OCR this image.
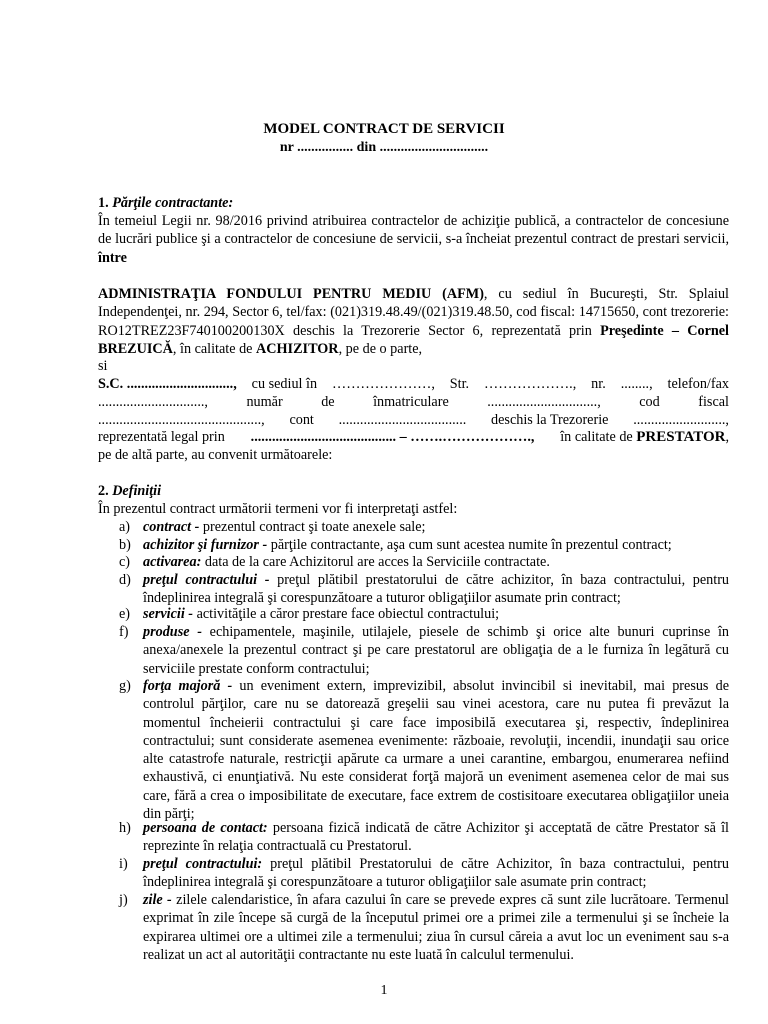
MODEL CONTRACT DE SERVICII
nr ................ din ...............................
1. Părţile contractante:
În temeiul Legii nr. 98/2016 privind atribuirea contractelor de achiziţie publică, a contractelor de concesiune de lucrări publice şi a contractelor de concesiune de servicii, s-a încheiat prezentul contract de prestari servicii, între
ADMINISTRAŢIA FONDULUI PENTRU MEDIU (AFM), cu sediul în Bucureşti, Str. Splaiul Independenţei, nr. 294, Sector 6, tel/fax: (021)319.48.49/(021)319.48.50, cod fiscal: 14715650, cont trezorerie: RO12TREZ23F740100200130X deschis la Trezorerie Sector 6, reprezentată prin Preşedinte – Cornel BREZUICĂ, în calitate de ACHIZITOR, pe de o parte,
si
S.C. .............................., cu sediul în …………………, Str. ………………., nr. ........, telefon/fax
..............................,	număr	de	înmatriculare	...............................,	cod	fiscal
.............................................., cont .................................... deschis la Trezorerie ..........................,
reprezentată legal prin ......................................... – …….………………., în calitate de PRESTATOR,
pe de altă parte, au convenit următoarele:
2. Definiţii
În prezentul contract următorii termeni vor fi interpretaţi astfel:
a) contract - prezentul contract şi toate anexele sale;
b) achizitor şi furnizor - părţile contractante, aşa cum sunt acestea numite în prezentul contract;
c) activarea: data de la care Achizitorul are acces la Serviciile contractate.
d) preţul contractului - preţul plătibil prestatorului de către achizitor, în baza contractului, pentru îndeplinirea integrală şi corespunzătoare a tuturor obligaţiilor asumate prin contract;
e) servicii - activităţile a căror prestare face obiectul contractului;
f) produse - echipamentele, maşinile, utilajele, piesele de schimb şi orice alte bunuri cuprinse în anexa/anexele la prezentul contract şi pe care prestatorul are obligaţia de a le furniza în legătură cu serviciile prestate conform contractului;
g) forţa majoră - un eveniment extern, imprevizibil, absolut invincibil si inevitabil, mai presus de controlul părţilor, care nu se datorează greşelii sau vinei acestora, care nu putea fi prevăzut la momentul încheierii contractului şi care face imposibilă executarea şi, respectiv, îndeplinirea contractului; sunt considerate asemenea evenimente: războaie, revoluţii, incendii, inundaţii sau orice alte catastrofe naturale, restricţii apărute ca urmare a unei carantine, embargou, enumerarea nefiind exhaustivă, ci enunţiativă. Nu este considerat forţă majoră un eveniment asemenea celor de mai sus care, fără a crea o imposibilitate de executare, face extrem de costisitoare executarea obligaţiilor uneia din părţi;
h) persoana de contact: persoana fizică indicată de către Achizitor şi acceptată de către Prestator să îl reprezinte în relaţia contractuală cu Prestatorul.
i) preţul contractului: preţul plătibil Prestatorului de către Achizitor, în baza contractului, pentru îndeplinirea integrală şi corespunzătoare a tuturor obligaţiilor sale asumate prin contract;
j) zile - zilele calendaristice, în afara cazului în care se prevede expres că sunt zile lucrătoare. Termenul exprimat în zile începe să curgă de la începutul primei ore a primei zile a termenului şi se încheie la expirarea ultimei ore a ultimei zile a termenului; ziua în cursul căreia a avut loc un eveniment sau s-a realizat un act al autorităţii contractante nu este luată în calculul termenului.
1
